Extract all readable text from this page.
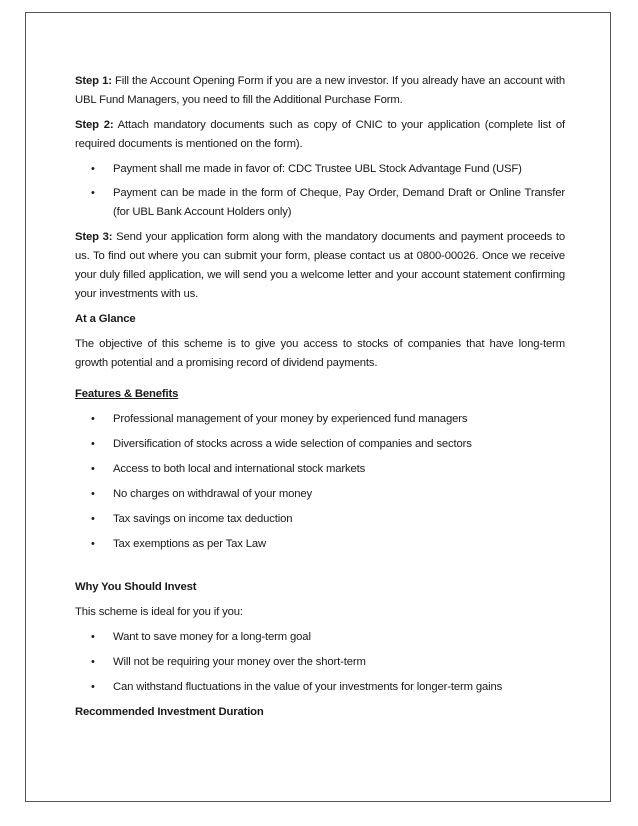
Step 1: Fill the Account Opening Form if you are a new investor. If you already have an account with UBL Fund Managers, you need to fill the Additional Purchase Form.

Step 2: Attach mandatory documents such as copy of CNIC to your application (complete list of required documents is mentioned on the form).

• Payment shall me made in favor of: CDC Trustee UBL Stock Advantage Fund (USF)
• Payment can be made in the form of Cheque, Pay Order, Demand Draft or Online Transfer (for UBL Bank Account Holders only)

Step 3: Send your application form along with the mandatory documents and payment proceeds to us. To find out where you can submit your form, please contact us at 0800-00026. Once we receive your duly filled application, we will send you a welcome letter and your account statement confirming your investments with us.

At a Glance

The objective of this scheme is to give you access to stocks of companies that have long-term growth potential and a promising record of dividend payments.

Features & Benefits

• Professional management of your money by experienced fund managers
• Diversification of stocks across a wide selection of companies and sectors
• Access to both local and international stock markets
• No charges on withdrawal of your money
• Tax savings on income tax deduction
• Tax exemptions as per Tax Law

Why You Should Invest

This scheme is ideal for you if you:

• Want to save money for a long-term goal
• Will not be requiring your money over the short-term
• Can withstand fluctuations in the value of your investments for longer-term gains

Recommended Investment Duration
